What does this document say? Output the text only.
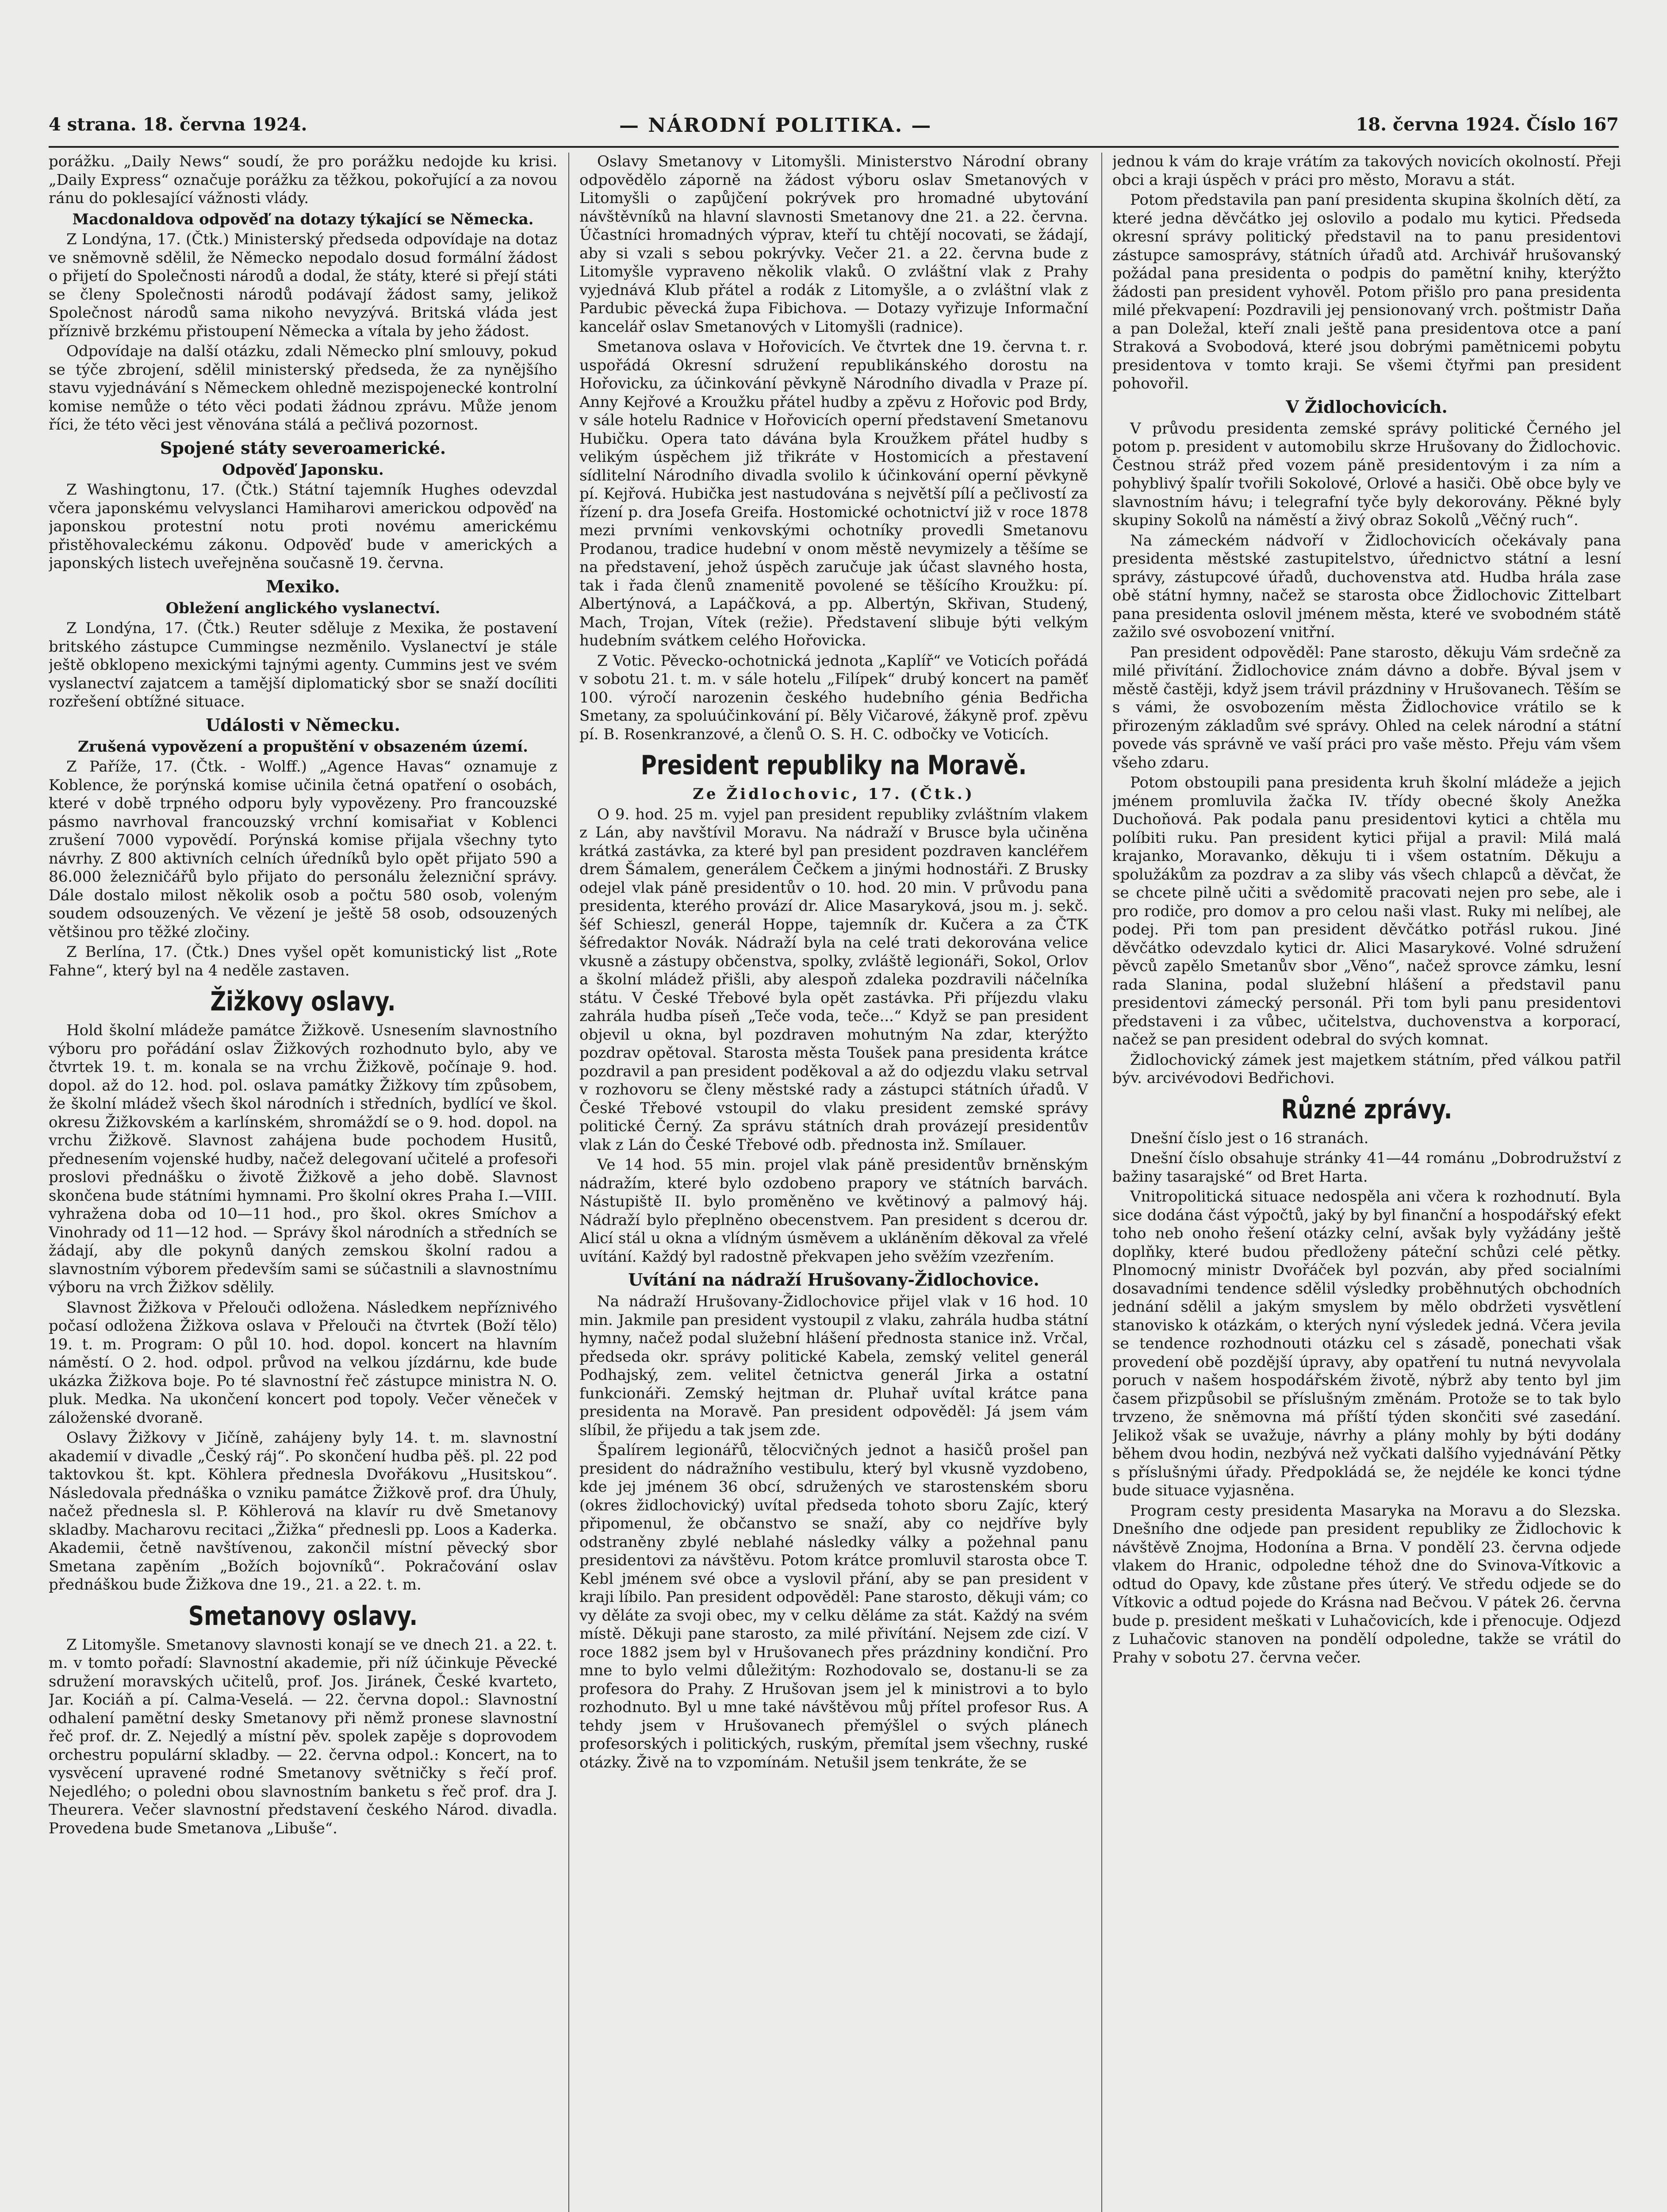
4 strana. 18. června 1924.	— NÁRODNÍ POLITIKA. —	18. června 1924. Číslo 167

porážku. „Daily News“ soudí, že pro porážku nedojde ku krisi. „Daily Express“ označuje porážku za těžkou, pokořující a za novou ránu do poklesající vážnosti vlády.

Macdonaldova odpověď na dotazy týkající se Německa.

Z Londýna, 17. (Čtk.) Ministerský předseda odpovídaje na dotaz ve sněmovně sdělil, že Německo nepodalo dosud formální žádost o přijetí do Společnosti národů a dodal, že státy, které si přejí státi se členy Společnosti národů podávají žádost samy, jelikož Společnost národů sama nikoho nevyzývá. Britská vláda jest příznivě brzkému přistoupení Německa a vítala by jeho žádost.

Odpovídaje na další otázku, zdali Německo plní smlouvy, pokud se týče zbrojení, sdělil ministerský předseda, že za nynějšího stavu vyjednávání s Německem ohledně mezispojenecké kontrolní komise nemůže o této věci podati žádnou zprávu. Může jenom říci, že této věci jest věnována stálá a pečlivá pozornost.

Spojené státy severoamerické.
Odpověď Japonsku.

Z Washingtonu, 17. (Čtk.) Státní tajemník Hughes odevzdal včera japonskému velvyslanci Hamiharovi americkou odpověď na japonskou protestní notu proti novému americkému přistěhovaleckému zákonu. Odpověď bude v amerických a japonských listech uveřejněna současně 19. června.

Mexiko.
Obležení anglického vyslanectví.

Z Londýna, 17. (Čtk.) Reuter sděluje z Mexika, že postavení britského zástupce Cummingse nezměnilo. Vyslanectví je stále ještě obklopeno mexickými tajnými agenty. Cummins jest ve svém vyslanectví zajatcem a tamější diplomatický sbor se snaží docíliti rozřešení obtížné situace.

Události v Německu.
Zrušená vypovězení a propuštění v obsazeném území.

Z Paříže, 17. (Čtk. - Wolff.) „Agence Havas“ oznamuje z Koblence, že porýnská komise učinila četná opatření o osobách, které v době trpného odporu byly vypovězeny. Pro francouzské pásmo navrhoval francouzský vrchní komisařiat v Koblenci zrušení 7000 vypovědí. Porýnská komise přijala všechny tyto návrhy. Z 800 aktivních celních úředníků bylo opět přijato 590 a 86.000 železničářů bylo přijato do personálu železniční správy. Dále dostalo milost několik osob a počtu 580 osob, voleným soudem odsouzených. Ve vězení je ještě 58 osob, odsouzených většinou pro těžké zločiny.

Z Berlína, 17. (Čtk.) Dnes vyšel opět komunistický list „Rote Fahne“, který byl na 4 neděle zastaven.

Žižkovy oslavy.

Hold školní mládeže památce Žižkově. Usnesením slavnostního výboru pro pořádání oslav Žižkových rozhodnuto bylo, aby ve čtvrtek 19. t. m. konala se na vrchu Žižkově, počínaje 9. hod. dopol. až do 12. hod. pol. oslava památky Žižkovy tím způsobem, že školní mládež všech škol národních i středních, bydlící ve škol. okresu Žižkovském a karlínském, shromáždí se o 9. hod. dopol. na vrchu Žižkově. Slavnost zahájena bude pochodem Husitů, přednesením vojenské hudby, načež delegovaní učitelé a profesoři proslovi přednášku o životě Žižkově a jeho době. Slavnost skončena bude státními hymnami. Pro školní okres Praha I.—VIII. vyhražena doba od 10—11 hod., pro škol. okres Smíchov a Vinohrady od 11—12 hod. — Správy škol národních a středních se žádají, aby dle pokynů daných zemskou školní radou a slavnostním výborem především sami se súčastnili a slavnostnímu výboru na vrch Žižkov sdělily.

Slavnost Žižkova v Přelouči odložena. Následkem nepříznivého počasí odložena Žižkova oslava v Přelouči na čtvrtek (Boží tělo) 19. t. m. Program: O půl 10. hod. dopol. koncert na hlavním náměstí. O 2. hod. odpol. průvod na velkou jízdárnu, kde bude ukázka Žižkova boje. Po té slavnostní řeč zástupce ministra N. O. pluk. Medka. Na ukončení koncert pod topoly. Večer věneček v záloženské dvoraně.

Oslavy Žižkovy v Jičíně, zahájeny byly 14. t. m. slavnostní akademií v divadle „Český ráj“. Po skončení hudba pěš. pl. 22 pod taktovkou št. kpt. Köhlera přednesla Dvořákovu „Husitskou“. Následovala přednáška o vzniku památce Žižkově prof. dra Úhuly, načež přednesla sl. P. Köhlerová na klavír ru dvě Smetanovy skladby. Macharovu recitaci „Žižka“ přednesli pp. Loos a Kaderka. Akademii, četně navštívenou, zakončil místní pěvecký sbor Smetana zapěním „Božích bojovníků“. Pokračování oslav přednáškou bude Žižkova dne 19., 21. a 22. t. m.

Smetanovy oslavy.

Z Litomyšle. Smetanovy slavnosti konají se ve dnech 21. a 22. t. m. v tomto pořadí: Slavnostní akademie, při níž účinkuje Pěvecké sdružení moravských učitelů, prof. Jos. Jiránek, České kvarteto, Jar. Kociáň a pí. Calma-Veselá. — 22. června dopol.: Slavnostní odhalení pamětní desky Smetanovy při němž pronese slavnostní řeč prof. dr. Z. Nejedlý a místní pěv. spolek zapěje s doprovodem orchestru populární skladby. — 22. června odpol.: Koncert, na to vysvěcení upravené rodné Smetanovy světničky s řečí prof. Nejedlého; o poledni obou slavnostním banketu s řeč prof. dra J. Theurera. Večer slavnostní představení českého Národ. divadla. Provedena bude Smetanova „Libuše“.

Oslavy Smetanovy v Litomyšli. Ministerstvo Národní obrany odpovědělo záporně na žádost výboru oslav Smetanových v Litomyšli o zapůjčení pokrývek pro hromadné ubytování návštěvníků na hlavní slavnosti Smetanovy dne 21. a 22. června. Účastníci hromadných výprav, kteří tu chtějí nocovati, se žádají, aby si vzali s sebou pokrývky. Večer 21. a 22. června bude z Litomyšle vypraveno několik vlaků. O zvláštní vlak z Prahy vyjednává Klub přátel a rodák z Litomyšle, a o zvláštní vlak z Pardubic pěvecká župa Fibichova. — Dotazy vyřizuje Informační kancelář oslav Smetanových v Litomyšli (radnice).

Smetanova oslava v Hořovicích. Ve čtvrtek dne 19. června t. r. uspořádá Okresní sdružení republikánského dorostu na Hořovicku, za účinkování pěvkyně Národního divadla v Praze pí. Anny Kejřové a Kroužku přátel hudby a zpěvu z Hořovic pod Brdy, v sále hotelu Radnice v Hořovicích operní představení Smetanovu Hubičku. Opera tato dávána byla Kroužkem přátel hudby s velikým úspěchem již třikráte v Hostomicích a přestavení sídlitelní Národního divadla svolilo k účinkování operní pěvkyně pí. Kejřová. Hubička jest nastudována s největší pílí a pečlivostí za řízení p. dra Josefa Greifa. Hostomické ochotnictví již v roce 1878 mezi prvními venkovskými ochotníky provedli Smetanovu Prodanou, tradice hudební v onom městě nevymizely a těšíme se na představení, jehož úspěch zaručuje jak účast slavného hosta, tak i řada členů znamenitě povolené se těšícího Kroužku: pí. Albertýnová, a Lapáčková, a pp. Albertýn, Skřivan, Studený, Mach, Trojan, Vítek (režie). Představení slibuje býti velkým hudebním svátkem celého Hořovicka.

Z Votic. Pěvecko-ochotnická jednota „Kaplíř“ ve Voticích pořádá v sobotu 21. t. m. v sále hotelu „Filípek“ drubý koncert na paměť 100. výročí narozenin českého hudebního génia Bedřicha Smetany, za spoluúčinkování pí. Běly Vičarové, žákyně prof. zpěvu pí. B. Rosenkranzové, a členů O. S. H. C. odbočky ve Voticích.

President republiky na Moravě.
Ze Židlochovic, 17. (Čtk.)

O 9. hod. 25 m. vyjel pan president republiky zvláštním vlakem z Lán, aby navštívil Moravu. Na nádraží v Brusce byla učiněna krátká zastávka, za které byl pan president pozdraven kancléřem drem Šámalem, generálem Čečkem a jinými hodnostáři. Z Brusky odejel vlak páně presidentův o 10. hod. 20 min. V průvodu pana presidenta, kterého provází dr. Alice Masaryková, jsou m. j. sekč. šéf Schieszl, generál Hoppe, tajemník dr. Kučera a za ČTK šéfredaktor Novák. Nádraží byla na celé trati dekorována velice vkusně a zástupy občenstva, spolky, zvláště legionáři, Sokol, Orlov a školní mládež přišli, aby alespoň zdaleka pozdravili náčelníka státu. V České Třebové byla opět zastávka. Při příjezdu vlaku zahrála hudba píseň „Teče voda, teče...“ Když se pan president objevil u okna, byl pozdraven mohutným Na zdar, kterýžto pozdrav opětoval. Starosta města Toušek pana presidenta krátce pozdravil a pan president poděkoval a až do odjezdu vlaku setrval v rozhovoru se členy městské rady a zástupci státních úřadů. V České Třebové vstoupil do vlaku president zemské správy politické Černý. Za správu státních drah provázejí presidentův vlak z Lán do České Třebové odb. přednosta inž. Smílauer.

Ve 14 hod. 55 min. projel vlak páně presidentův brněnským nádražím, které bylo ozdobeno prapory ve státních barvách. Nástupiště II. bylo proměněno ve květinový a palmový háj. Nádraží bylo přeplněno obecenstvem. Pan president s dcerou dr. Alicí stál u okna a vlídným úsměvem a ukláněním děkoval za vřelé uvítání. Každý byl radostně překvapen jeho svěžím vzezřením.

Uvítání na nádraží Hrušovany-Židlochovice.

Na nádraží Hrušovany-Židlochovice přijel vlak v 16 hod. 10 min. Jakmile pan president vystoupil z vlaku, zahrála hudba státní hymny, načež podal služební hlášení přednosta stanice inž. Vrčal, předseda okr. správy politické Kabela, zemský velitel generál Podhajský, zem. velitel četnictva generál Jirka a ostatní funkcionáři. Zemský hejtman dr. Pluhař uvítal krátce pana presidenta na Moravě. Pan president odpověděl: Já jsem vám slíbil, že přijedu a tak jsem zde.

Špalírem legionářů, tělocvičných jednot a hasičů prošel pan president do nádražního vestibulu, který byl vkusně vyzdobeno, kde jej jménem 36 obcí, sdružených ve starostenském sboru (okres židlochovický) uvítal předseda tohoto sboru Zajíc, který připomenul, že občanstvo se snaží, aby co nejdříve byly odstraněny zbylé neblahé následky války a požehnal panu presidentovi za návštěvu. Potom krátce promluvil starosta obce T. Kebl jménem své obce a vyslovil přání, aby se pan president v kraji líbilo. Pan president odpověděl: Pane starosto, děkuji vám; co vy děláte za svoji obec, my v celku děláme za stát. Každý na svém místě. Děkuji pane starosto, za milé přivítání. Nejsem zde cizí. V roce 1882 jsem byl v Hrušovanech přes prázdniny kondiční. Pro mne to bylo velmi důležitým: Rozhodovalo se, dostanu-li se za profesora do Prahy. Z Hrušovan jsem jel k ministrovi a to bylo rozhodnuto. Byl u mne také návštěvou můj přítel profesor Rus. A tehdy jsem v Hrušovanech přemýšlel o svých plánech profesorských i politických, ruským, přemítal jsem všechny, ruské otázky. Živě na to vzpomínám. Netušil jsem tenkráte, že se

jednou k vám do kraje vrátím za takových novicích okolností. Přeji obci a kraji úspěch v práci pro město, Moravu a stát.

Potom představila pan paní presidenta skupina školních dětí, za které jedna děvčátko jej oslovilo a podalo mu kytici. Předseda okresní správy politický představil na to panu presidentovi zástupce samosprávy, státních úřadů atd. Archivář hrušovanský požádal pana presidenta o podpis do pamětní knihy, kterýžto žádosti pan president vyhověl. Potom přišlo pro pana presidenta milé překvapení: Pozdravili jej pensionovaný vrch. poštmistr Daňa a pan Doležal, kteří znali ještě pana presidentova otce a paní Straková a Svobodová, které jsou dobrými pamětnicemi pobytu presidentova v tomto kraji. Se všemi čtyřmi pan president pohovořil.

V Židlochovicích.

V průvodu presidenta zemské správy politické Černého jel potom p. president v automobilu skrze Hrušovany do Židlochovic. Čestnou stráž před vozem páně presidentovým i za ním a pohyblivý špalír tvořili Sokolové, Orlové a hasiči. Obě obce byly ve slavnostním hávu; i telegrafní tyče byly dekorovány. Pěkné byly skupiny Sokolů na náměstí a živý obraz Sokolů „Věčný ruch“.

Na zámeckém nádvoří v Židlochovicích očekávaly pana presidenta městské zastupitelstvo, úřednictvo státní a lesní správy, zástupcové úřadů, duchovenstva atd. Hudba hrála zase obě státní hymny, načež se starosta obce Židlochovic Zittelbart pana presidenta oslovil jménem města, které ve svobodném státě zažilo své osvobození vnitřní.

Pan president odpověděl: Pane starosto, děkuju Vám srdečně za milé přivítání. Židlochovice znám dávno a dobře. Býval jsem v městě častěji, když jsem trávil prázdniny v Hrušovanech. Těším se s vámi, že osvobozením města Židlochovice vrátilo se k přirozeným základům své správy. Ohled na celek národní a státní povede vás správně ve vaší práci pro vaše město. Přeju vám všem všeho zdaru.

Potom obstoupili pana presidenta kruh školní mládeže a jejich jménem promluvila žačka IV. třídy obecné školy Anežka Duchoňová. Pak podala panu presidentovi kytici a chtěla mu políbiti ruku. Pan president kytici přijal a pravil: Milá malá krajanko, Moravanko, děkuju ti i všem ostatním. Děkuju a spolužákům za pozdrav a za sliby vás všech chlapců a děvčat, že se chcete pilně učiti a svědomitě pracovati nejen pro sebe, ale i pro rodiče, pro domov a pro celou naši vlast. Ruky mi nelíbej, ale podej. Při tom pan president děvčátko potřásl rukou. Jiné děvčátko odevzdalo kytici dr. Alici Masarykové. Volné sdružení pěvců zapělo Smetanův sbor „Věno“, načež sprovce zámku, lesní rada Slanina, podal služební hlášení a představil panu presidentovi zámecký personál. Při tom byli panu presidentovi představeni i za vůbec, učitelstva, duchovenstva a korporací, načež se pan president odebral do svých komnat.

Židlochovický zámek jest majetkem státním, před válkou patřil býv. arcivévodovi Bedřichovi.

Různé zprávy.

Dnešní číslo jest o 16 stranách.

Dnešní číslo obsahuje stránky 41—44 románu „Dobrodružství z bažiny tasarajské“ od Bret Harta.

Vnitropolitická situace nedospěla ani včera k rozhodnutí. Byla sice dodána část výpočtů, jaký by byl finanční a hospodářský efekt toho neb onoho řešení otázky celní, avšak byly vyžádány ještě doplňky, které budou předloženy páteční schůzi celé pětky. Plnomocný ministr Dvořáček byl pozván, aby před socialními dosavadními tendence sdělil výsledky proběhnutých obchodních jednání sdělil a jakým smyslem by mělo obdržeti vysvětlení stanovisko k otázkám, o kterých nyní výsledek jedná. Včera jevila se tendence rozhodnouti otázku cel s zásadě, ponechati však provedení obě pozdější úpravy, aby opatření tu nutná nevyvolala poruch v našem hospodářském životě, nýbrž aby tento byl jim časem přizpůsobil se příslušným změnám. Protože se to tak bylo trvzeno, že sněmovna má příští týden skončiti své zasedání. Jelikož však se uvažuje, návrhy a plány mohly by býti dodány během dvou hodin, nezbývá než vyčkati dalšího vyjednávání Pětky s příslušnými úřady. Předpokládá se, že nejdéle ke konci týdne bude situace vyjasněna.

Program cesty presidenta Masaryka na Moravu a do Slezska. Dnešního dne odjede pan president republiky ze Židlochovic k návštěvě Znojma, Hodonína a Brna. V pondělí 23. června odjede vlakem do Hranic, odpoledne téhož dne do Svinova-Vítkovic a odtud do Opavy, kde zůstane přes úterý. Ve středu odjede se do Vítkovic a odtud pojede do Krásna nad Bečvou. V pátek 26. června bude p. president meškati v Luhačovicích, kde i přenocuje. Odjezd z Luhačovic stanoven na pondělí odpoledne, takže se vrátil do Prahy v sobotu 27. června večer.
